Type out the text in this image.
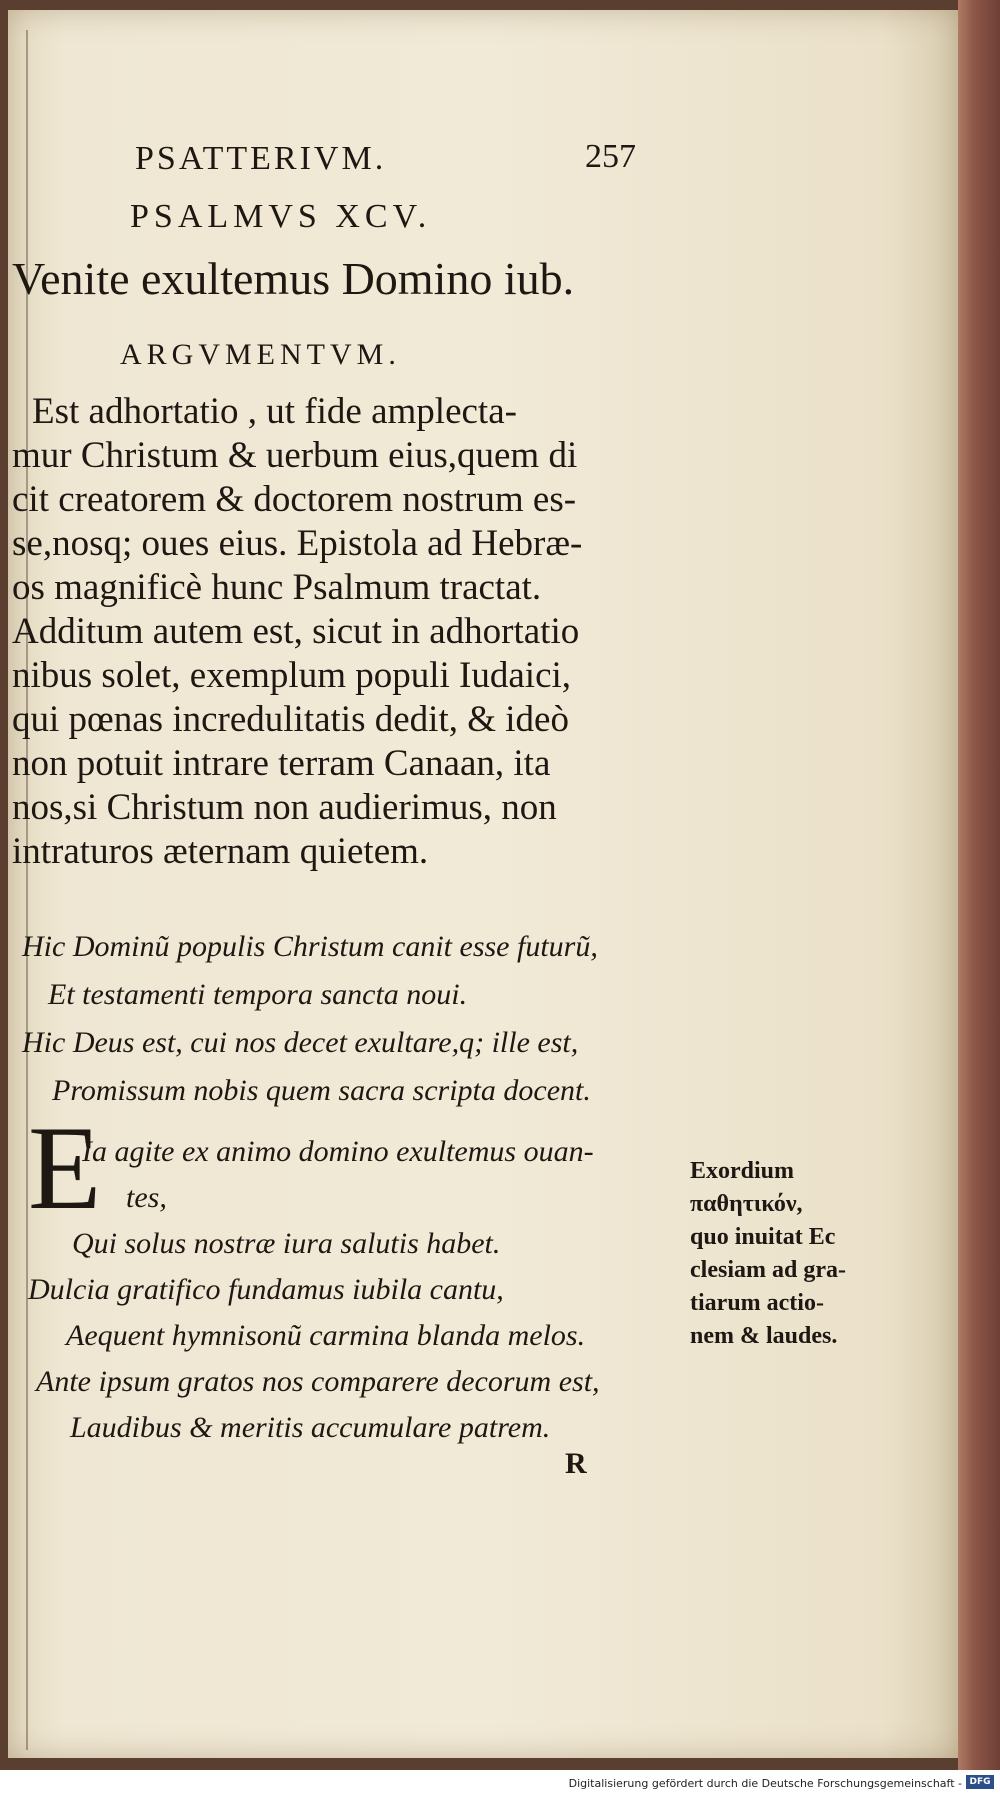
PSATTERIVM.	257
PSALMVS XCV.
Venite exultemus Domino iub.
ARGVMENTVM.
Est adhortatio , ut fide amplecta-
mur Christum & uerbum eius,quem di
cit creatorem & doctorem nostrum es-
se,nosq; oues eius. Epistola ad Hebræ-
os magnificè hunc Psalmum tractat.
Additum autem est, sicut in adhortatio
nibus solet, exemplum populi Iudaici,
qui pœnas incredulitatis dedit, & ideò
non potuit intrare terram Canaan, ita
nos,si Christum non audierimus, non
intraturos æternam quietem.
Hic Dominũ populis Christum canit esse futurũ,
Et testamenti tempora sancta noui.
Hic Deus est, cui nos decet exultare,q; ille est,
Promissum nobis quem sacra scripta docent.
E
Ia agite ex animo domino exultemus ouan-
tes,
Qui solus nostræ iura salutis habet.
Dulcia gratifico fundamus iubila cantu,
Aequent hymnisonũ carmina blanda melos.
Ante ipsum gratos nos comparere decorum est,
Laudibus & meritis accumulare patrem.
Exordium
παθητικόν,
quo inuitat Ec
clesiam ad gra-
tiarum actio-
nem & laudes.
R
Digitalisierung gefördert durch die Deutsche Forschungsgemeinschaft - DFG
